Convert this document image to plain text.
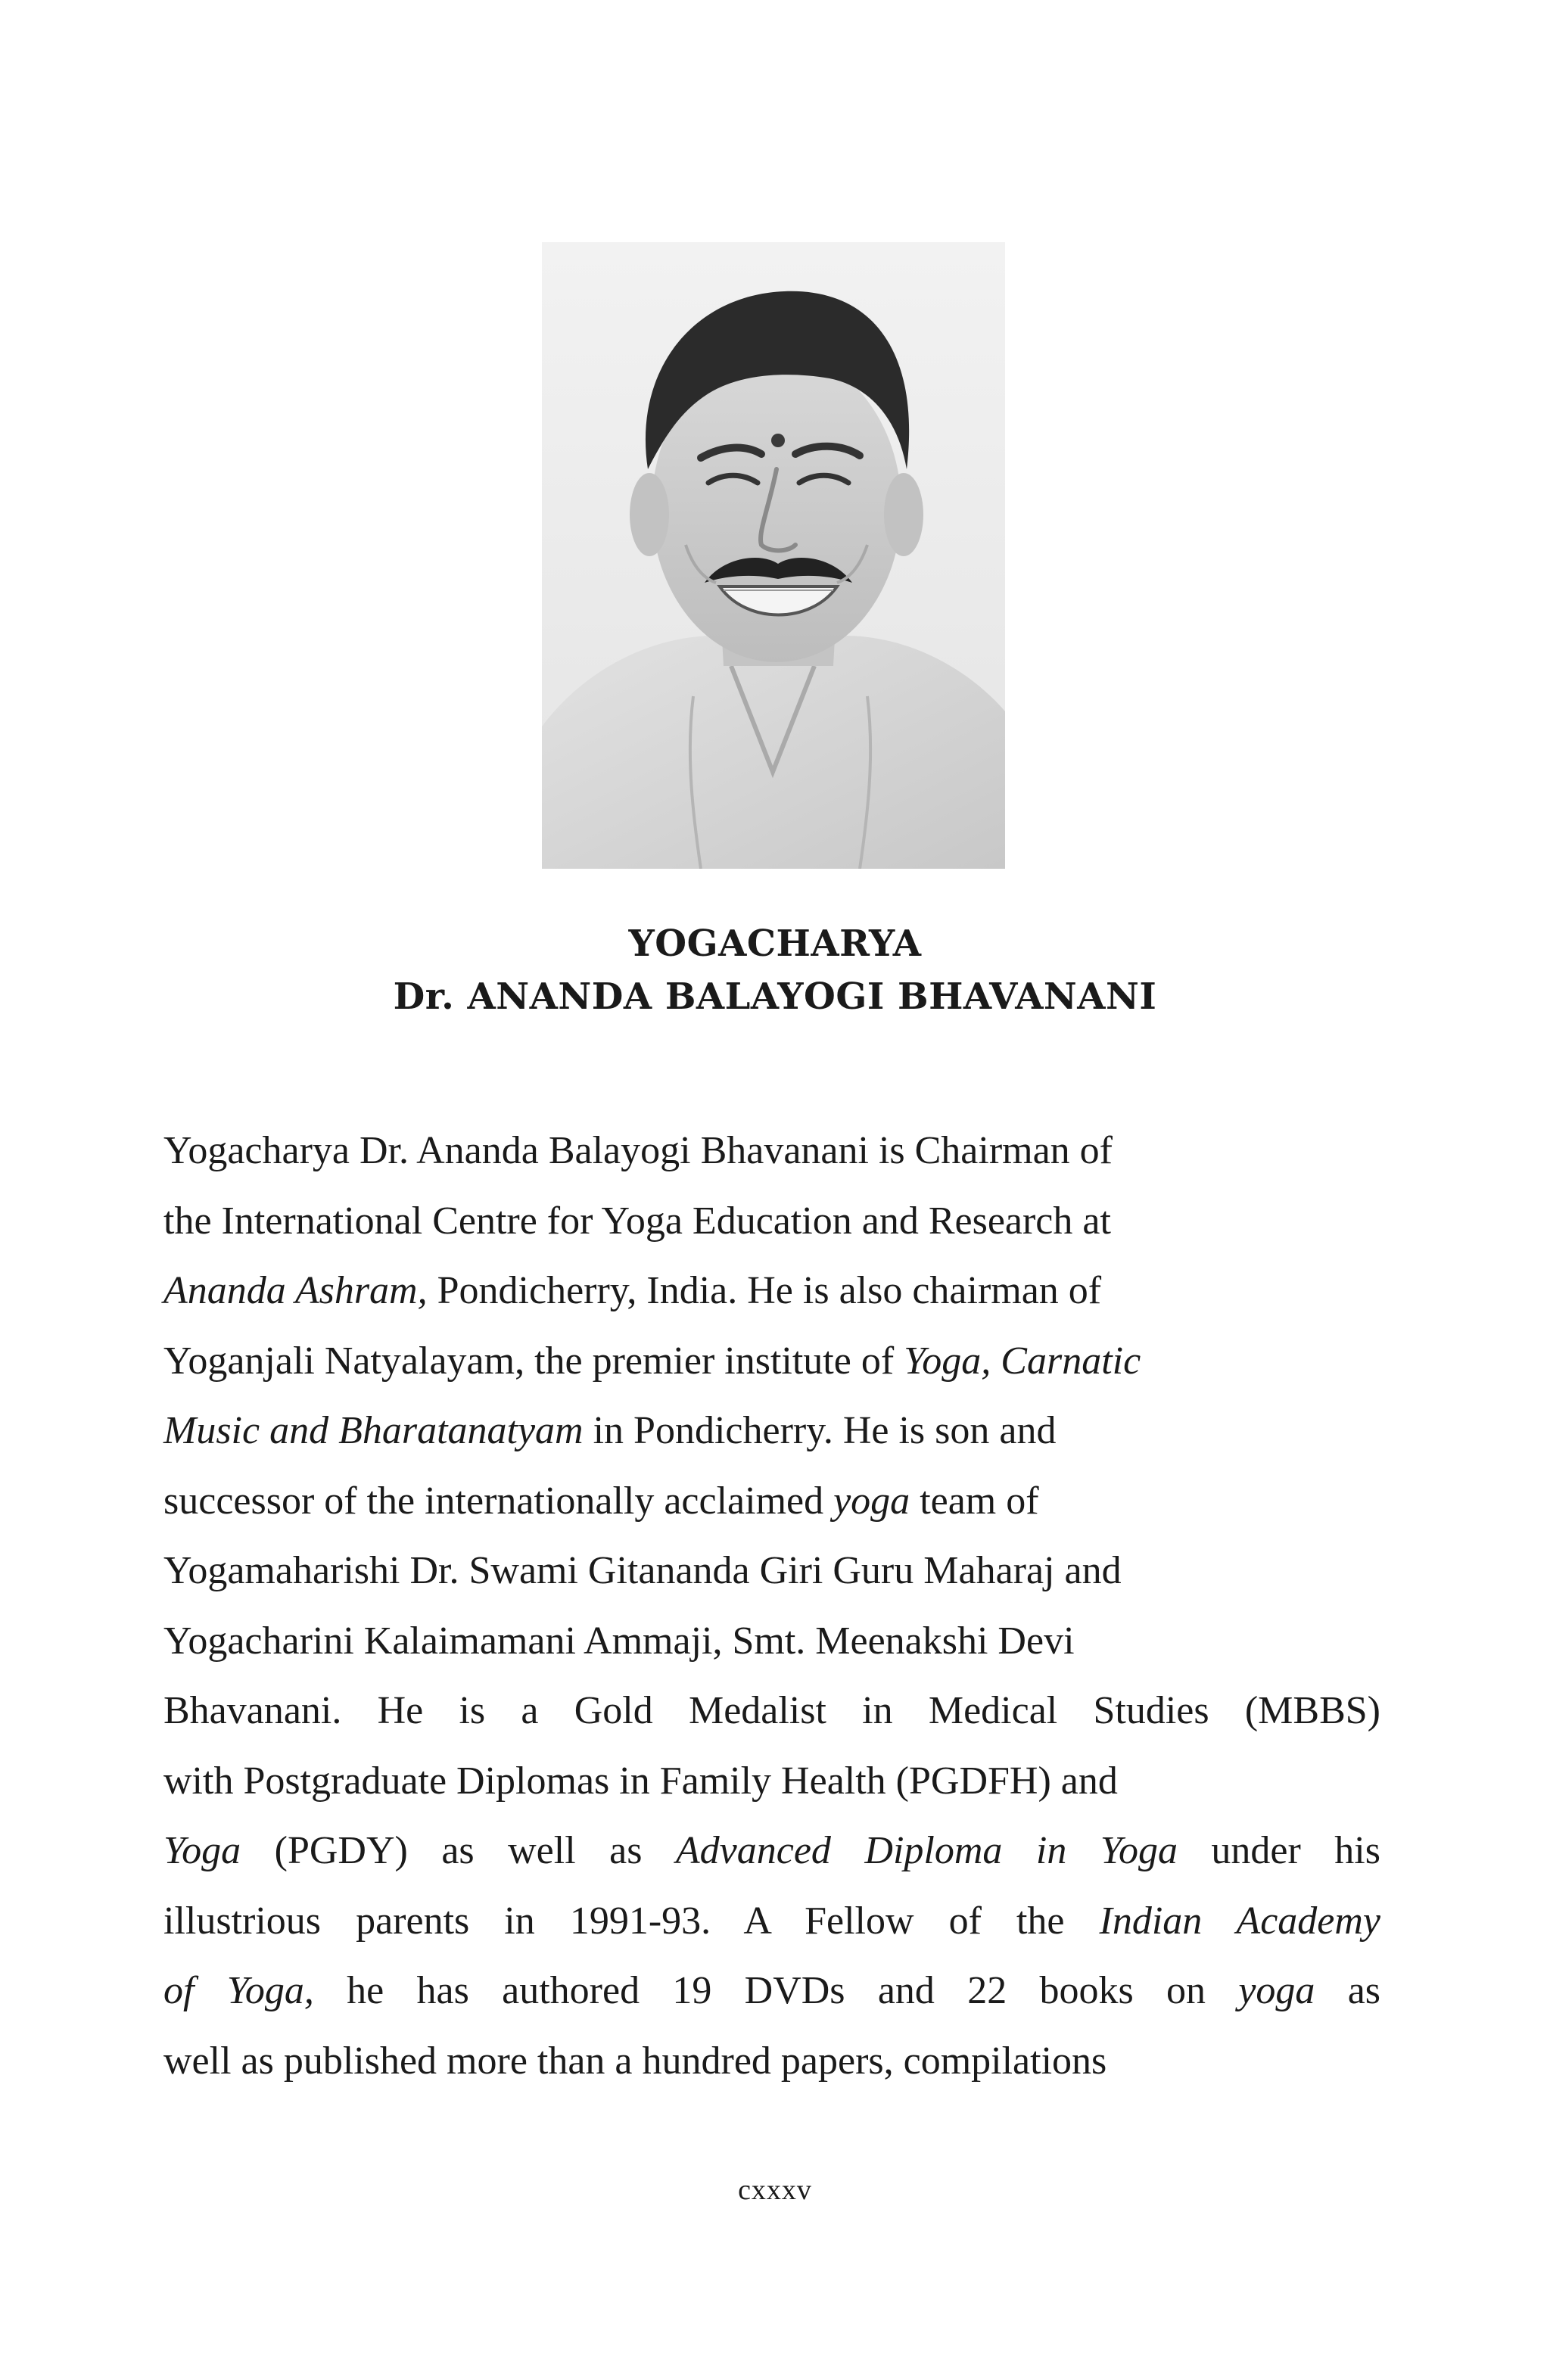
YOGACHARYA
Dr. ANANDA BALAYOGI BHAVANANI
Yogacharya Dr. Ananda Balayogi Bhavanani is Chairman of
the International Centre for Yoga Education and Research at
Ananda Ashram, Pondicherry, India. He is also chairman of
Yoganjali Natyalayam, the premier institute of Yoga, Carnatic
Music and Bharatanatyam in Pondicherry. He is son and
successor of the internationally acclaimed yoga team of
Yogamaharishi Dr. Swami Gitananda Giri Guru Maharaj and
Yogacharini Kalaimamani Ammaji, Smt. Meenakshi Devi
Bhavanani. He is a Gold Medalist in Medical Studies (MBBS)
with Postgraduate Diplomas in Family Health (PGDFH) and
Yoga (PGDY) as well as Advanced Diploma in Yoga under his
illustrious parents in 1991-93. A Fellow of the Indian Academy
of Yoga, he has authored 19 DVDs and 22 books on yoga as
well as published more than a hundred papers, compilations
cxxxv
